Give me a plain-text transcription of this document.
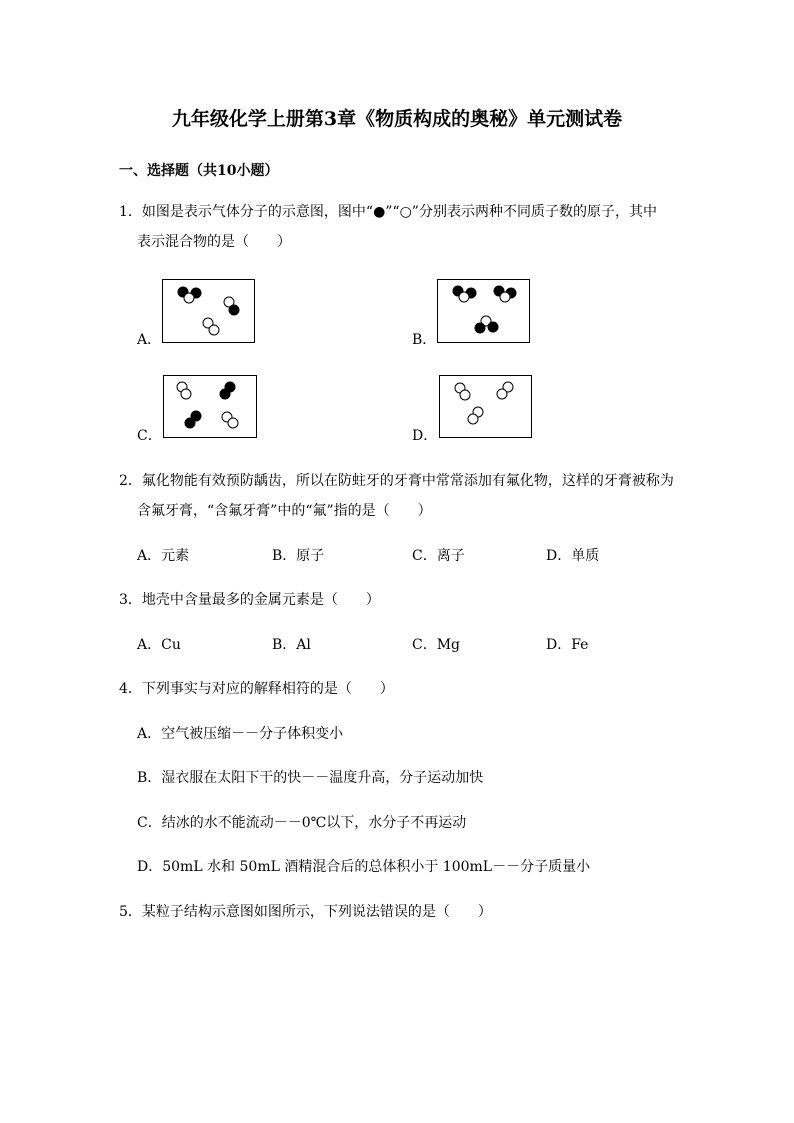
九年级化学上册第3章《物质构成的奥秘》单元测试卷
一、选择题（共10小题）
1．如图是表示气体分子的示意图，图中“●”“○”分别表示两种不同质子数的原子，其中
表示混合物的是（　　）
A．	B．
C．	D．
2．氟化物能有效预防龋齿，所以在防蛀牙的牙膏中常常添加有氟化物，这样的牙膏被称为
含氟牙膏，“含氟牙膏”中的“氟”指的是（　　）
A．元素	B．原子	C．离子	D．单质
3．地壳中含量最多的金属元素是（　　）
A．Cu	B．Al	C．Mg	D．Fe
4．下列事实与对应的解释相符的是（　　）
A．空气被压缩－－分子体积变小
B．湿衣服在太阳下干的快－－温度升高，分子运动加快
C．结冰的水不能流动－－0℃以下，水分子不再运动
D．50mL 水和 50mL 酒精混合后的总体积小于 100mL－－分子质量小
5．某粒子结构示意图如图所示，下列说法错误的是（　　）
